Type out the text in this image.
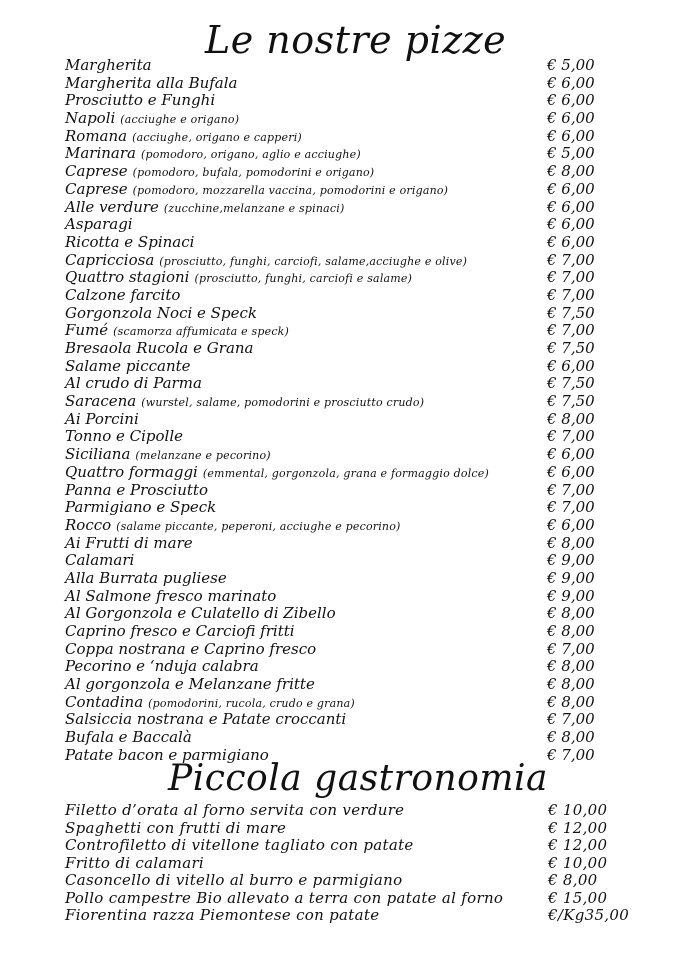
Le nostre pizze
Margherita	€ 5,00
Margherita alla Bufala	€ 6,00
Prosciutto e Funghi	€ 6,00
Napoli (acciughe e origano)	€ 6,00
Romana (acciughe, origano e capperi)	€ 6,00
Marinara (pomodoro, origano, aglio e acciughe)	€ 5,00
Caprese (pomodoro, bufala, pomodorini e origano)	€ 8,00
Caprese (pomodoro, mozzarella vaccina, pomodorini e origano)	€ 6,00
Alle verdure (zucchine,melanzane e spinaci)	€ 6,00
Asparagi	€ 6,00
Ricotta e Spinaci	€ 6,00
Capricciosa (prosciutto, funghi, carciofi, salame,acciughe e olive)	€ 7,00
Quattro stagioni (prosciutto, funghi, carciofi e salame)	€ 7,00
Calzone farcito	€ 7,00
Gorgonzola Noci e Speck	€ 7,50
Fumé (scamorza affumicata e speck)	€ 7,00
Bresaola Rucola e Grana	€ 7,50
Salame piccante	€ 6,00
Al crudo di Parma	€ 7,50
Saracena (wurstel, salame, pomodorini e prosciutto crudo)	€ 7,50
Ai Porcini	€ 8,00
Tonno e Cipolle	€ 7,00
Siciliana (melanzane e pecorino)	€ 6,00
Quattro formaggi (emmental, gorgonzola, grana e formaggio dolce)	€ 6,00
Panna e Prosciutto	€ 7,00
Parmigiano e Speck	€ 7,00
Rocco (salame piccante, peperoni, acciughe e pecorino)	€ 6,00
Ai Frutti di mare	€ 8,00
Calamari	€ 9,00
Alla Burrata pugliese	€ 9,00
Al Salmone fresco marinato	€ 9,00
Al Gorgonzola e Culatello di Zibello	€ 8,00
Caprino fresco e Carciofi fritti	€ 8,00
Coppa nostrana e Caprino fresco	€ 7,00
Pecorino e ‘nduja calabra	€ 8,00
Al gorgonzola e Melanzane fritte	€ 8,00
Contadina (pomodorini, rucola, crudo e grana)	€ 8,00
Salsiccia nostrana e Patate croccanti	€ 7,00
Bufala e Baccalà	€ 8,00
Patate bacon e parmigiano	€ 7,00
Piccola gastronomia
Filetto d’orata al forno servita con verdure	€ 10,00
Spaghetti con frutti di mare	€ 12,00
Controfiletto di vitellone tagliato con patate	€ 12,00
Fritto di calamari	€ 10,00
Casoncello di vitello al burro e parmigiano	€ 8,00
Pollo campestre Bio allevato a terra con patate al forno	€ 15,00
Fiorentina razza Piemontese con patate	€/Kg35,00
